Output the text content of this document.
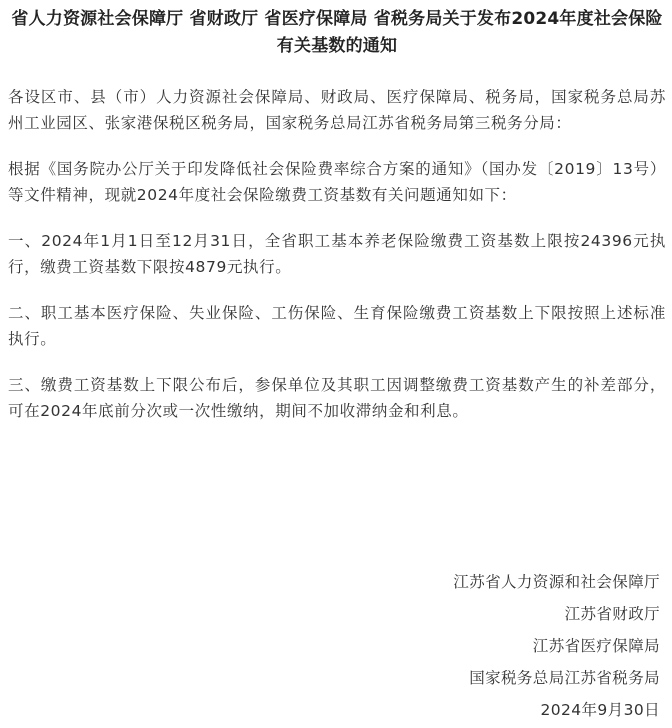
省人力资源社会保障厅 省财政厅 省医疗保障局 省税务局关于发布2024年度社会保险有关基数的通知

各设区市、县（市）人力资源社会保障局、财政局、医疗保障局、税务局，国家税务总局苏州工业园区、张家港保税区税务局，国家税务总局江苏省税务局第三税务分局：

根据《国务院办公厅关于印发降低社会保险费率综合方案的通知》（国办发〔2019〕13号）等文件精神，现就2024年度社会保险缴费工资基数有关问题通知如下：

一、2024年1月1日至12月31日，全省职工基本养老保险缴费工资基数上限按24396元执行，缴费工资基数下限按4879元执行。

二、职工基本医疗保险、失业保险、工伤保险、生育保险缴费工资基数上下限按照上述标准执行。

三、缴费工资基数上下限公布后，参保单位及其职工因调整缴费工资基数产生的补差部分，可在2024年底前分次或一次性缴纳，期间不加收滞纳金和利息。

江苏省人力资源和社会保障厅
江苏省财政厅
江苏省医疗保障局
国家税务总局江苏省税务局
2024年9月30日
